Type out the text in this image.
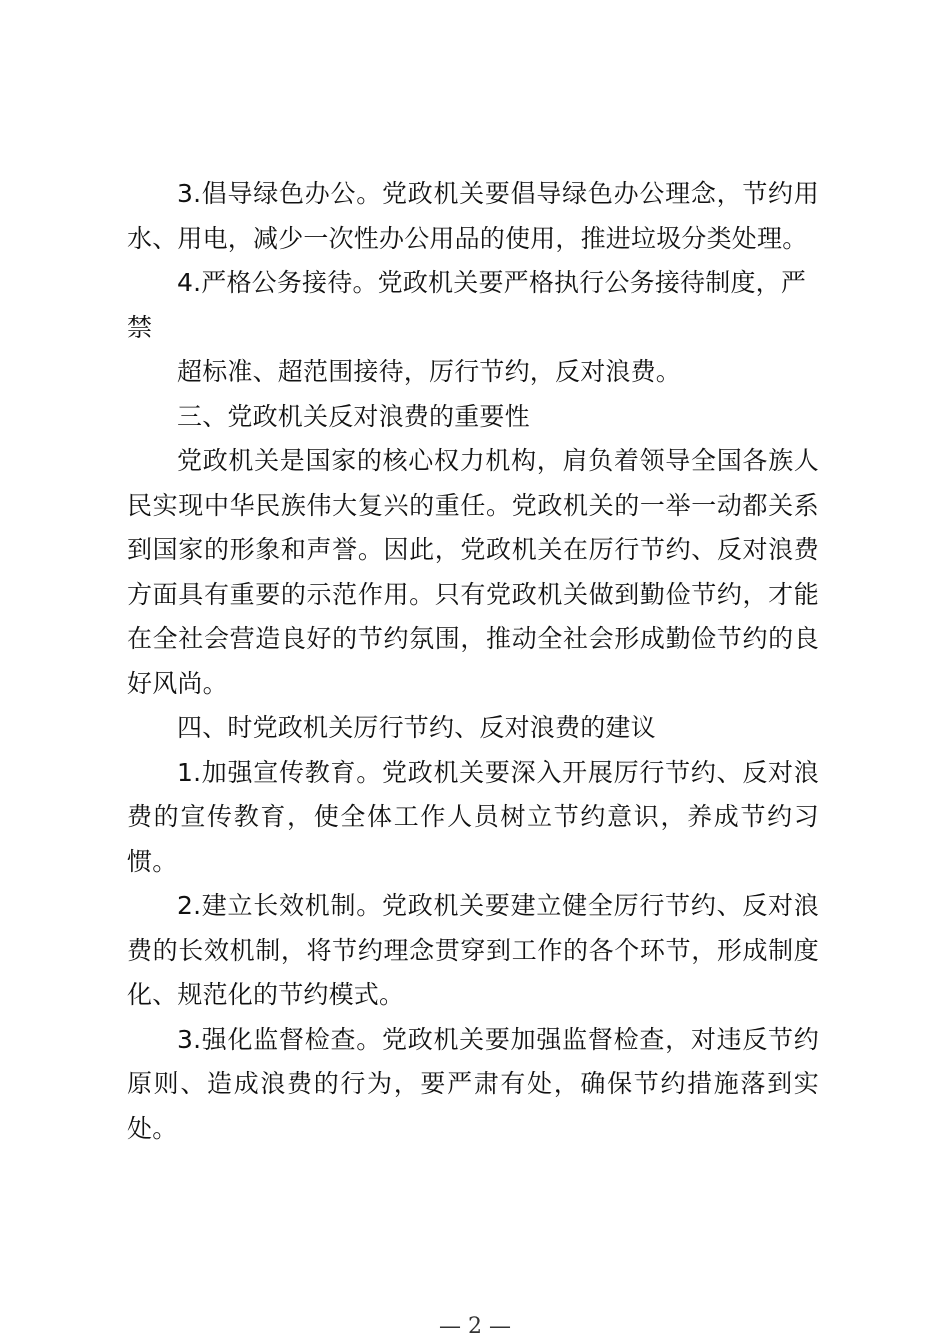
3.倡导绿色办公。党政机关要倡导绿色办公理念，节约用水、用电，减少一次性办公用品的使用，推进垃圾分类处理。

4.严格公务接待。党政机关要严格执行公务接待制度，严

禁

超标准、超范围接待，厉行节约，反对浪费。

三、党政机关反对浪费的重要性

党政机关是国家的核心权力机构，肩负着领导全国各族人民实现中华民族伟大复兴的重任。党政机关的一举一动都关系到国家的形象和声誉。因此，党政机关在厉行节约、反对浪费方面具有重要的示范作用。只有党政机关做到勤俭节约，才能在全社会营造良好的节约氛围，推动全社会形成勤俭节约的良好风尚。

四、时党政机关厉行节约、反对浪费的建议

1.加强宣传教育。党政机关要深入开展厉行节约、反对浪费的宣传教育，使全体工作人员树立节约意识，养成节约习惯。

2.建立长效机制。党政机关要建立健全厉行节约、反对浪费的长效机制，将节约理念贯穿到工作的各个环节，形成制度化、规范化的节约模式。

3.强化监督检查。党政机关要加强监督检查，对违反节约原则、造成浪费的行为，要严肃有处，确保节约措施落到实处。

— 2 —
